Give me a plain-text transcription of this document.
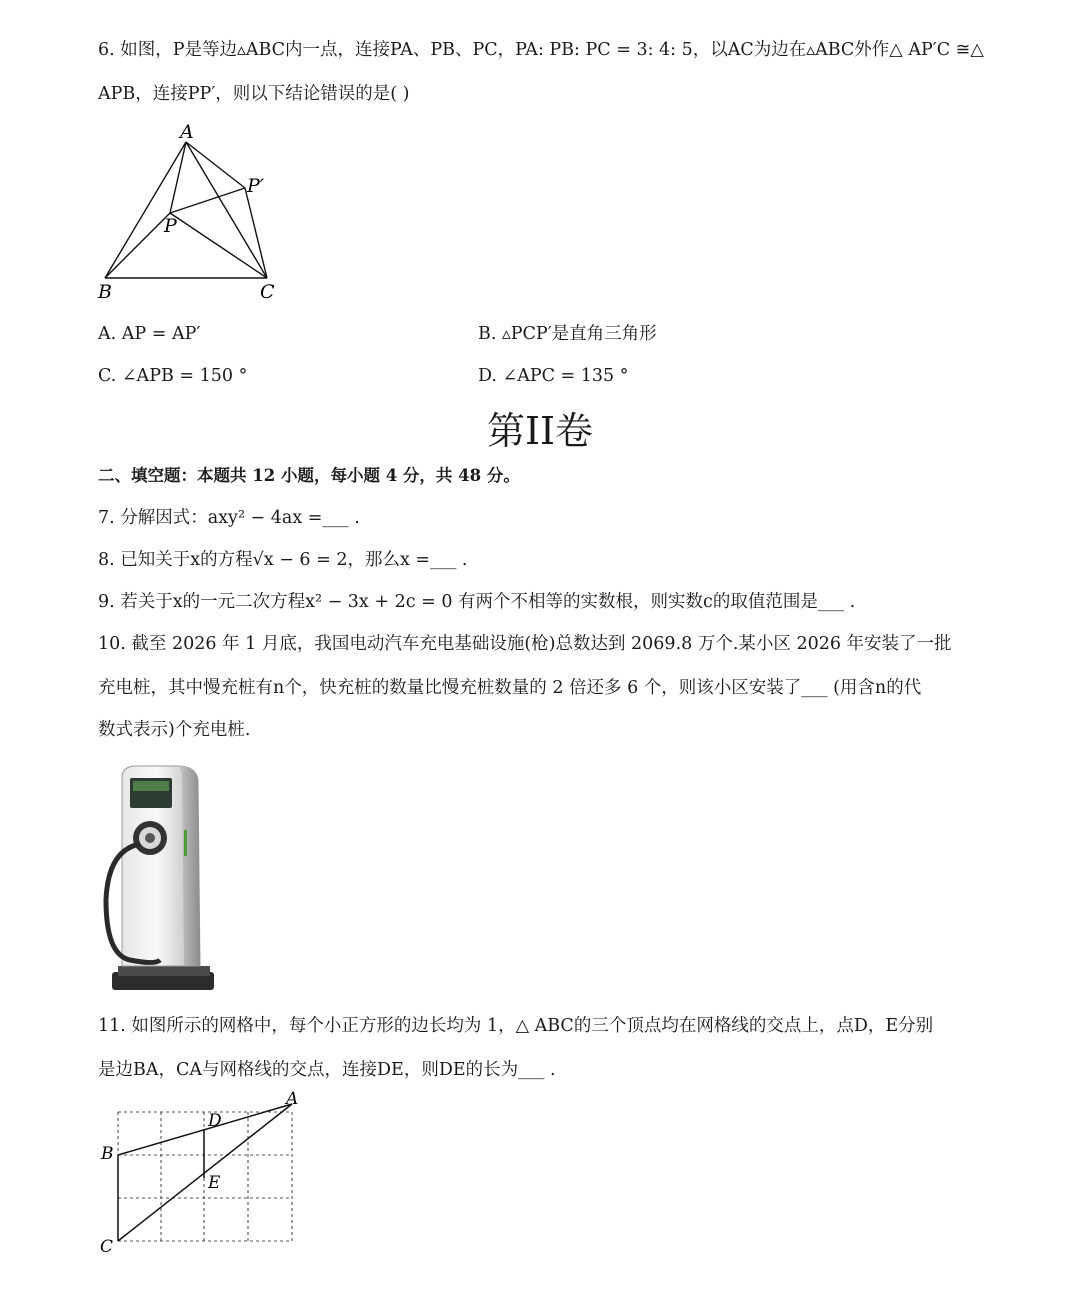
6. 如图，P是等边▵ABC内一点，连接PA、PB、PC，PA: PB: PC = 3: 4: 5，以AC为边在▵ABC外作△ AP′C ≅△
APB，连接PP′，则以下结论错误的是( )
A
B	C
P
P′
A. AP = AP′	B. ▵PCP′是直角三角形
C. ∠APB = 150 °	D. ∠APC = 135 °
第II卷
二、填空题：本题共 12 小题，每小题 4 分，共 48 分。
7. 分解因式：axy² − 4ax =___ .
8. 已知关于x的方程√x − 6 = 2，那么x =___ .
9. 若关于x的一元二次方程x² − 3x + 2c = 0 有两个不相等的实数根，则实数c的取值范围是___ .
10. 截至 2026 年 1 月底，我国电动汽车充电基础设施(枪)总数达到 2069.8 万个.某小区 2026 年安装了一批
充电桩，其中慢充桩有n个，快充桩的数量比慢充桩数量的 2 倍还多 6 个，则该小区安装了___ (用含n的代
数式表示)个充电桩.
11. 如图所示的网格中，每个小正方形的边长均为 1，△ ABC的三个顶点均在网格线的交点上，点D，E分别
是边BA，CA与网格线的交点，连接DE，则DE的长为___ .
A
B
C
D
E
